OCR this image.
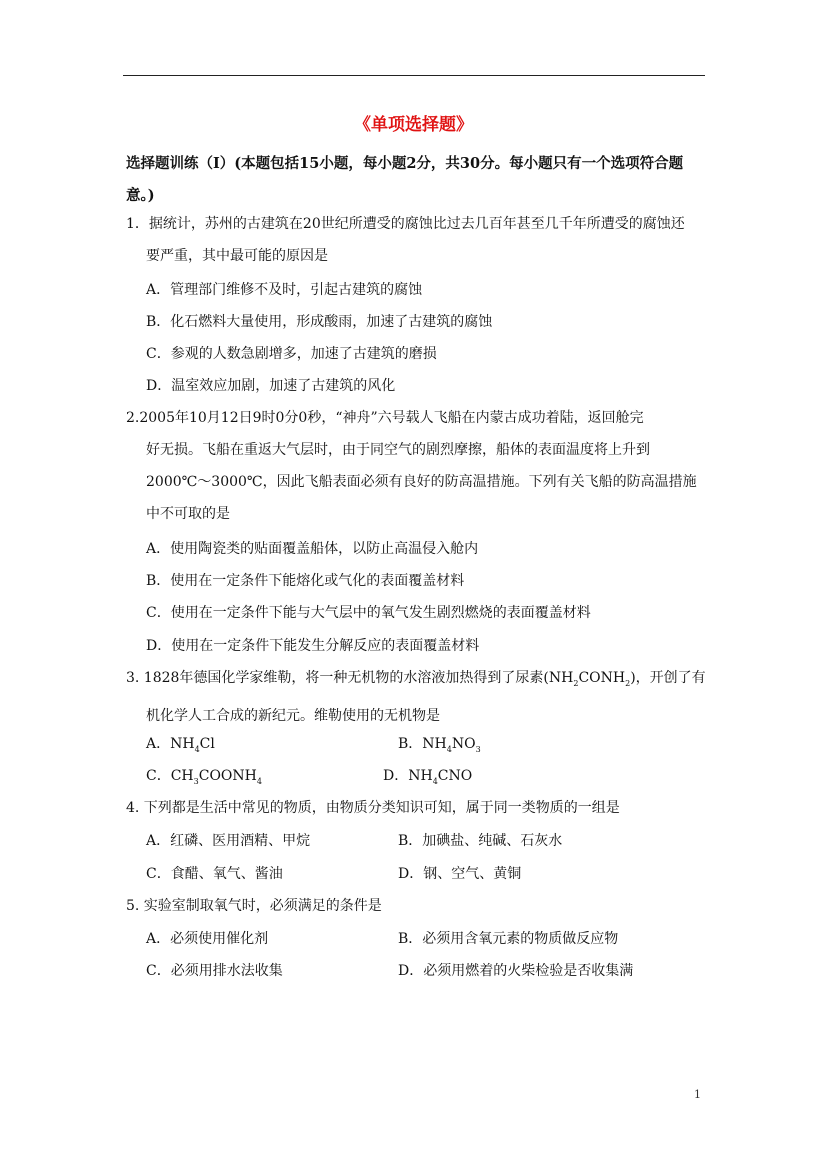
《单项选择题》
选择题训练（I）(本题包括15小题，每小题2分，共30分。每小题只有一个选项符合题
意。)
1．据统计，苏州的古建筑在20世纪所遭受的腐蚀比过去几百年甚至几千年所遭受的腐蚀还
要严重，其中最可能的原因是
A．管理部门维修不及时，引起古建筑的腐蚀
B．化石燃料大量使用，形成酸雨，加速了古建筑的腐蚀
C．参观的人数急剧增多，加速了古建筑的磨损
D．温室效应加剧，加速了古建筑的风化
2.2005年10月12日9时0分0秒，“神舟”六号载人飞船在内蒙古成功着陆，返回舱完
好无损。飞船在重返大气层时，由于同空气的剧烈摩擦，船体的表面温度将上升到
2000℃～3000℃，因此飞船表面必须有良好的防高温措施。下列有关飞船的防高温措施
中不可取的是
A．使用陶瓷类的贴面覆盖船体，以防止高温侵入舱内
B．使用在一定条件下能熔化或气化的表面覆盖材料
C．使用在一定条件下能与大气层中的氧气发生剧烈燃烧的表面覆盖材料
D．使用在一定条件下能发生分解反应的表面覆盖材料
3. 1828年德国化学家维勒，将一种无机物的水溶液加热得到了尿素$(NH_2CONH_2)$，开创了有
机化学人工合成的新纪元。维勒使用的无机物是
A．$NH_4Cl$	B．$NH_4NO_3$
C．$CH_3COONH_4$	D．$NH_4CNO$
4. 下列都是生活中常见的物质，由物质分类知识可知，属于同一类物质的一组是
A．红磷、医用酒精、甲烷	B．加碘盐、纯碱、石灰水
C．食醋、氧气、酱油	D．钢、空气、黄铜
5. 实验室制取氧气时，必须满足的条件是
A．必须使用催化剂	B．必须用含氧元素的物质做反应物
C．必须用排水法收集	D．必须用燃着的火柴检验是否收集满
1
